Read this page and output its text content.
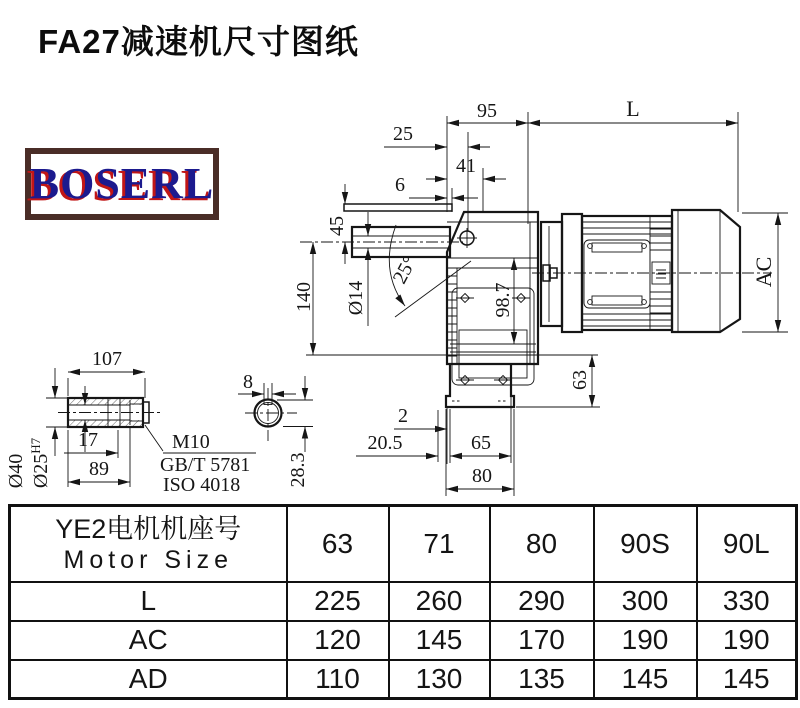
FA27减速机尺寸图纸
BOSERL
25
95	L
41
6
45
140 Ø14
25°	AC
98.7
63
2
20.5	65
80
107
17
89
M10
GB/T 5781
ISO 4018
Ø40 $Ø25^{H7}$
8
28.3
YE2电机机座号
Motor Size	63	71	80	90S	90L
L	225	260	290	300	330
AC	120	145	170	190	190
AD	110	130	135	145	145
